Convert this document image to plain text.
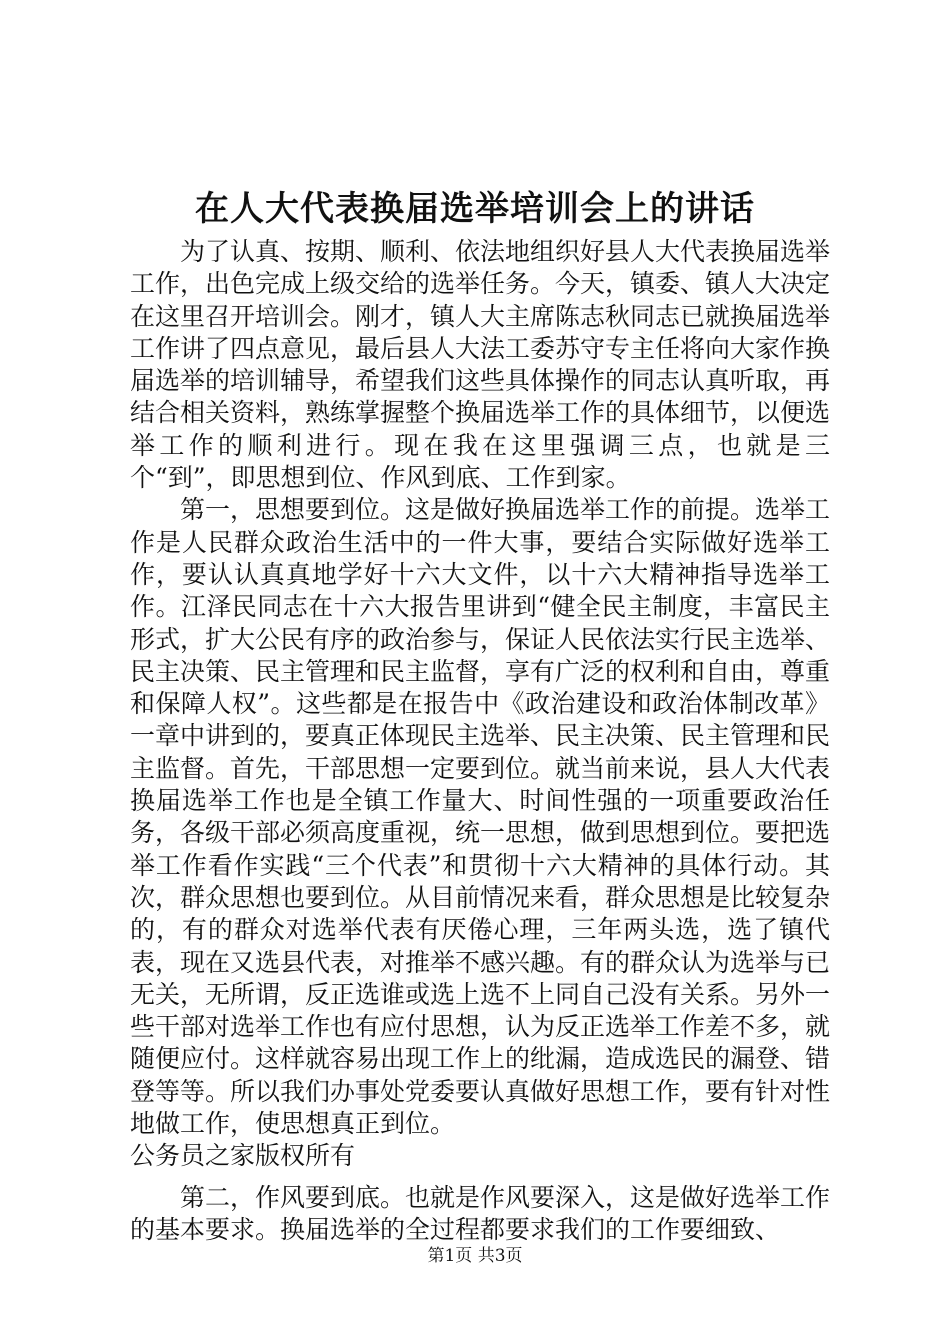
在人大代表换届选举培训会上的讲话

为了认真、按期、顺利、依法地组织好县人大代表换届选举工作，出色完成上级交给的选举任务。今天，镇委、镇人大决定在这里召开培训会。刚才，镇人大主席陈志秋同志已就换届选举工作讲了四点意见，最后县人大法工委苏守专主任将向大家作换届选举的培训辅导，希望我们这些具体操作的同志认真听取，再结合相关资料，熟练掌握整个换届选举工作的具体细节，以便选举工作的顺利进行。现在我在这里强调三点，也就是三个“到”，即思想到位、作风到底、工作到家。

第一，思想要到位。这是做好换届选举工作的前提。选举工作是人民群众政治生活中的一件大事，要结合实际做好选举工作，要认认真真地学好十六大文件，以十六大精神指导选举工作。江泽民同志在十六大报告里讲到“健全民主制度，丰富民主形式，扩大公民有序的政治参与，保证人民依法实行民主选举、民主决策、民主管理和民主监督，享有广泛的权利和自由，尊重和保障人权”。这些都是在报告中《政治建设和政治体制改革》一章中讲到的，要真正体现民主选举、民主决策、民主管理和民主监督。首先，干部思想一定要到位。就当前来说，县人大代表换届选举工作也是全镇工作量大、时间性强的一项重要政治任务，各级干部必须高度重视，统一思想，做到思想到位。要把选举工作看作实践“三个代表”和贯彻十六大精神的具体行动。其次，群众思想也要到位。从目前情况来看，群众思想是比较复杂的，有的群众对选举代表有厌倦心理，三年两头选，选了镇代表，现在又选县代表，对推举不感兴趣。有的群众认为选举与已无关，无所谓，反正选谁或选上选不上同自己没有关系。另外一些干部对选举工作也有应付思想，认为反正选举工作差不多，就随便应付。这样就容易出现工作上的纰漏，造成选民的漏登、错登等等。所以我们办事处党委要认真做好思想工作，要有针对性地做工作，使思想真正到位。

公务员之家版权所有

第二，作风要到底。也就是作风要深入，这是做好选举工作的基本要求。换届选举的全过程都要求我们的工作要细致、

第1页 共3页
